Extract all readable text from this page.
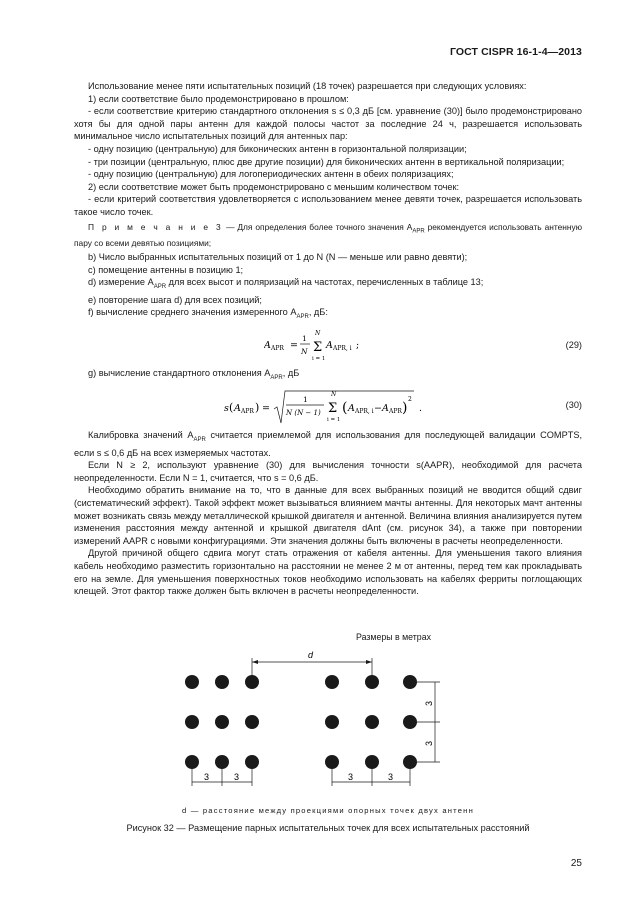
ГОСТ CISPR 16-1-4—2013

Использование менее пяти испытательных позиций (18 точек) разрешается при следующих условиях:

1) если соответствие было продемонстрировано в прошлом:

- если соответствие критерию стандартного отклонения s ≤ 0,3 дБ [см. уравнение (30)] было продемонстрировано хотя бы для одной пары антенн для каждой полосы частот за последние 24 ч, разрешается использовать минимальное число испытательных позиций для антенных пар:

- одну позицию (центральную) для биконических антенн в горизонтальной поляризации;

- три позиции (центральную, плюс две другие позиции) для биконических антенн в вертикальной поляризации;

- одну позицию (центральную) для логопериодических антенн в обеих поляризациях;

2) если соответствие может быть продемонстрировано с меньшим количеством точек:

- если критерий соответствия удовлетворяется с использованием менее девяти точек, разрешается использовать такое число точек.

П р и м е ч а н и е 3 — Для определения более точного значения $A_{APR}$ рекомендуется использовать антенную пару со всеми девятью позициями;

b) Число выбранных испытательных позиций от 1 до N (N — меньше или равно девяти);

c) помещение антенны в позицию 1;

d) измерение $A_{APR}$ для всех высот и поляризаций на частотах, перечисленных в таблице 13;

e) повторение шага d) для всех позиций;

f) вычисление среднего значения измеренного $A_{APR}$, дБ:

A APR =
1
N
N
Σ
i = 1
A APR, i ;	(29)

g) вычисление стандартного отклонения $A_{APR}$, дБ

s ( A APR ) =
1
N (N − 1)
N
Σ
i = 1
( A APR, i − A APR )
2
.	(30)

Калибровка значений $A_{APR}$ считается приемлемой для использования для последующей валидации COMPTS, если s ≤ 0,6 дБ на всех измеряемых частотах.

Если N ≥ 2, используют уравнение (30) для вычисления точности s(AAPR), необходимой для расчета неопределенности. Если N = 1, считается, что s = 0,6 дБ.

Необходимо обратить внимание на то, что в данные для всех выбранных позиций не вводится общий сдвиг (систематический эффект). Такой эффект может вызываться влиянием мачты антенны. Для некоторых мачт антенны может возникать связь между металлической крышкой двигателя и антенной. Величина влияния анализируется путем изменения расстояния между антенной и крышкой двигателя dAnt (см. рисунок 34), а также при повторении измерений AAPR с новыми конфигурациями. Эти значения должны быть включены в расчеты неопределенности.

Другой причиной общего сдвига могут стать отражения от кабеля антенны. Для уменьшения такого влияния кабель необходимо разместить горизонтально на расстоянии не менее 2 м от антенны, перед тем как прокладывать его на земле. Для уменьшения поверхностных токов необходимо использовать на кабелях ферриты поглощающих клещей. Этот фактор также должен быть включен в расчеты неопределенности.

Размеры в метрах
d
3
3
3	3	3	3
d — расстояние между проекциями опорных точек двух антенн
Рисунок 32 — Размещение парных испытательных точек для всех испытательных расстояний
25
